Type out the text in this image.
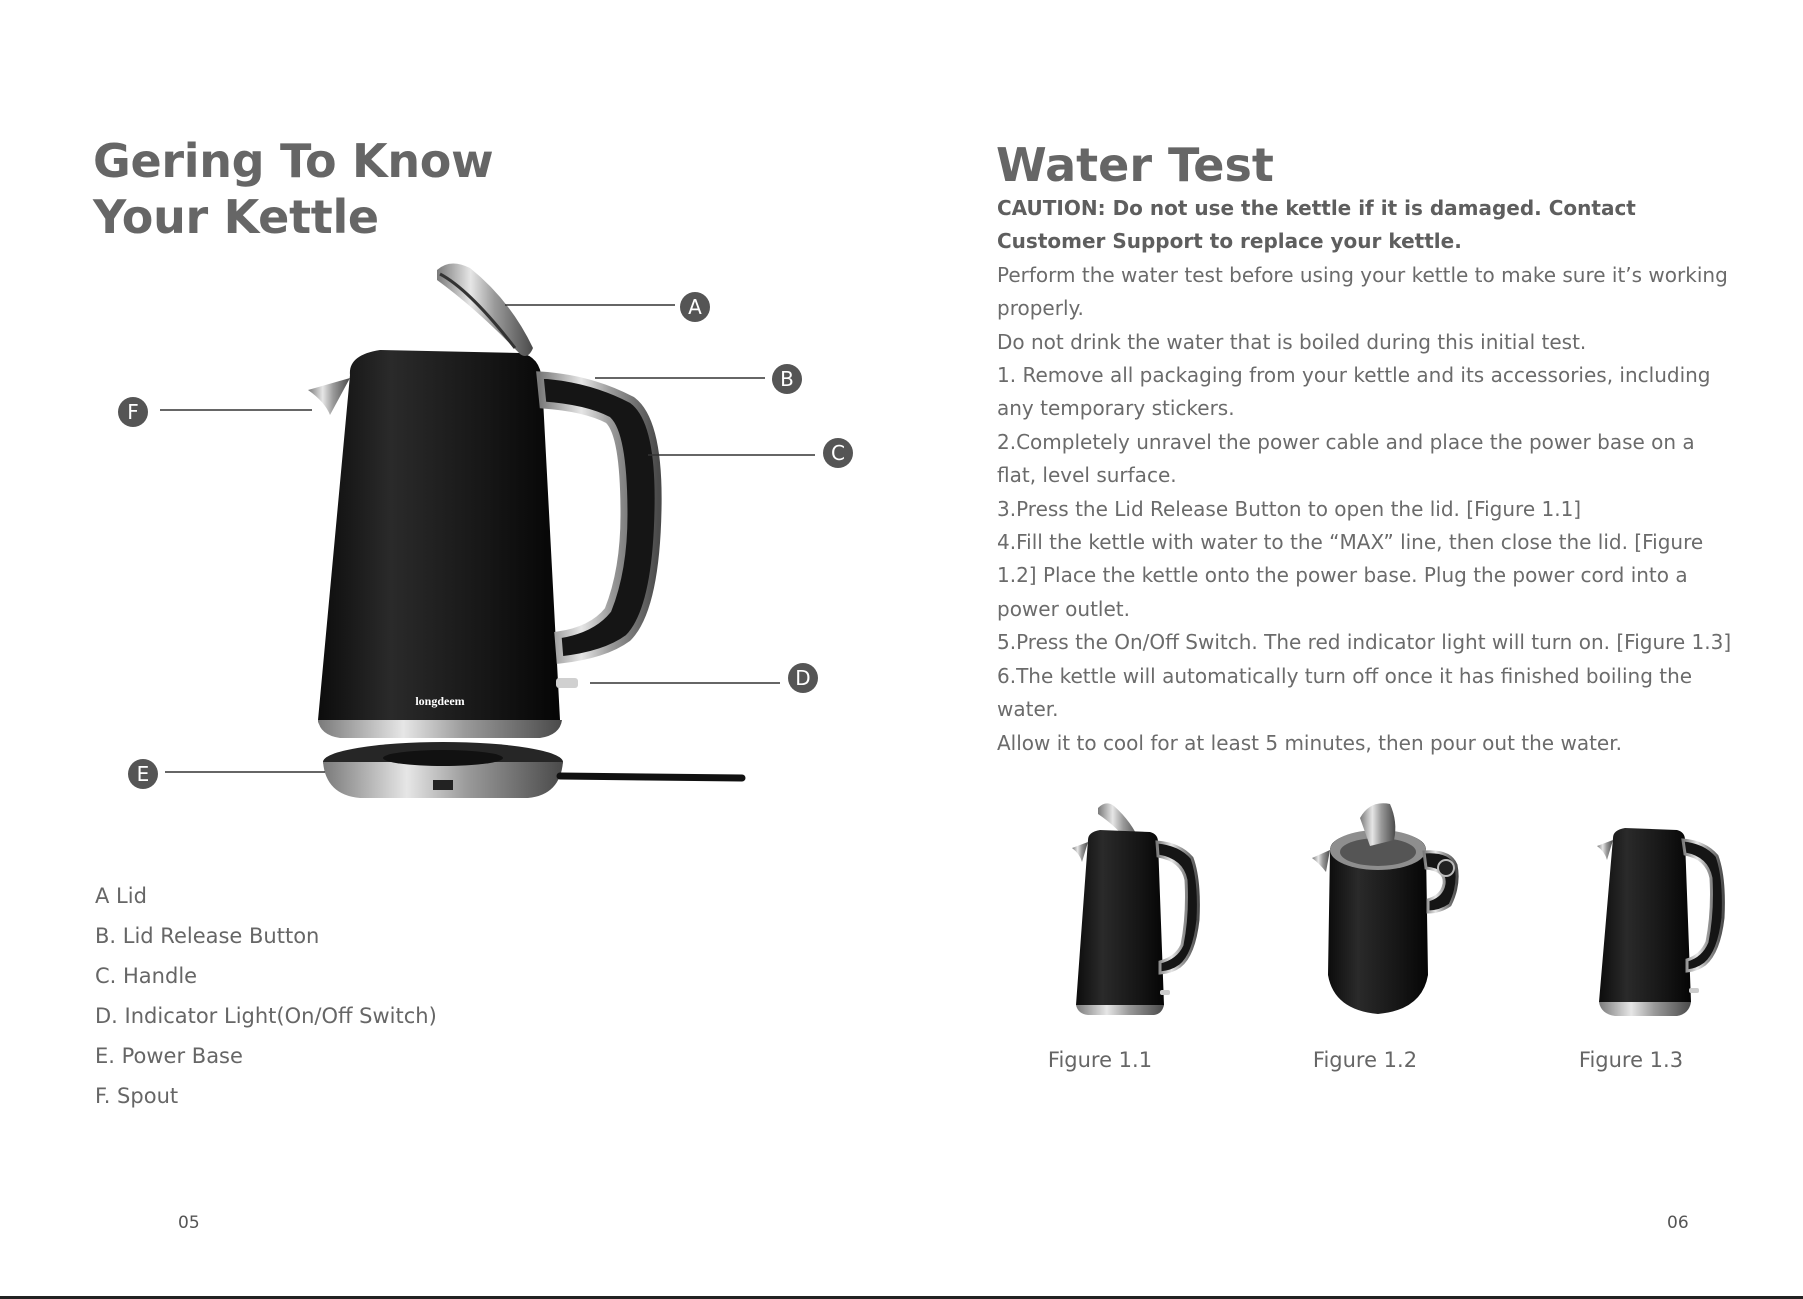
Gering To Know
Your Kettle
longdeem
A
B
C
D
E
F
A Lid
B. Lid Release Button
C. Handle
D. Indicator Light(On/Off Switch)
E. Power Base
F. Spout
05
Water Test

CAUTION: Do not use the kettle if it is damaged. Contact Customer Support to replace your kettle.

Perform the water test before using your kettle to make sure it’s working properly.

Do not drink the water that is boiled during this initial test.

1. Remove all packaging from your kettle and its accessories, including any temporary stickers.

2.Completely unravel the power cable and place the power base on a flat, level surface.

3.Press the Lid Release Button to open the lid. [Figure 1.1]

4.Fill the kettle with water to the “MAX” line, then close the lid. [Figure 1.2] Place the kettle onto the power base. Plug the power cord into a power outlet.

5.Press the On/Off Switch. The red indicator light will turn on. [Figure 1.3]

6.The kettle will automatically turn off once it has finished boiling the water.

Allow it to cool for at least 5 minutes, then pour out the water.

Figure 1.1	Figure 1.2	Figure 1.3
06
